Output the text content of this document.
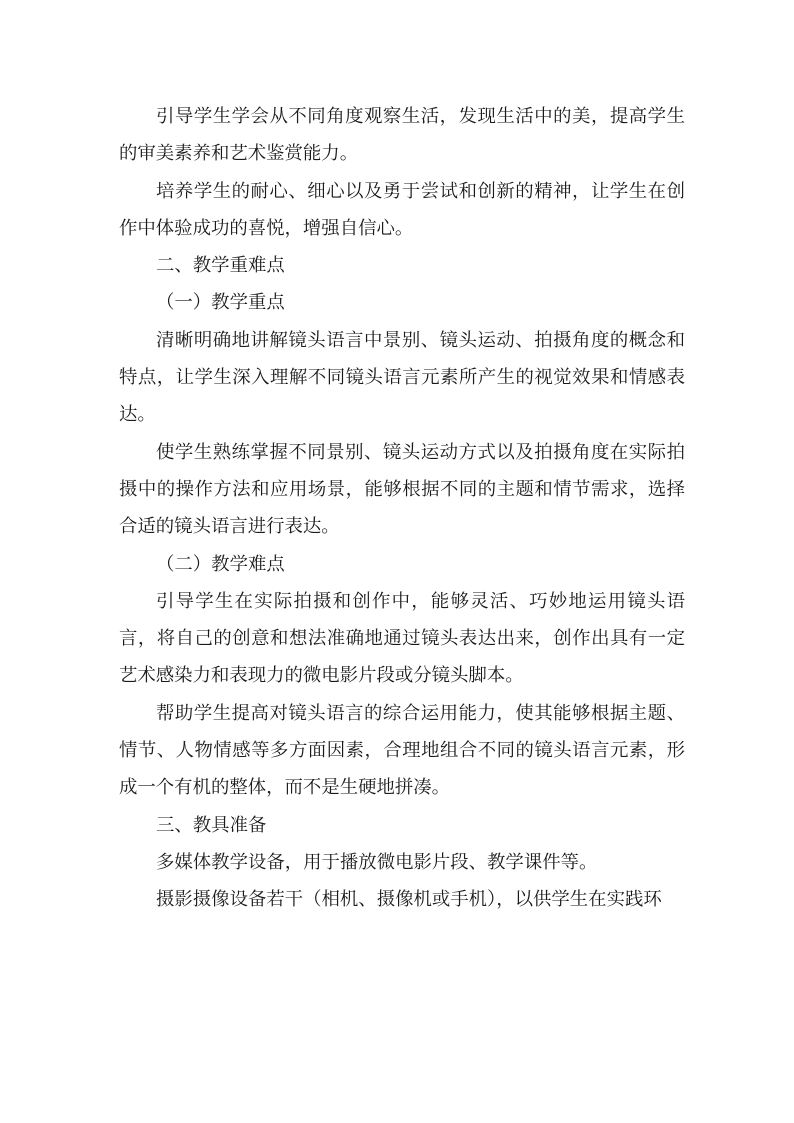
引导学生学会从不同角度观察生活，发现生活中的美，提高学生的审美素养和艺术鉴赏能力。

培养学生的耐心、细心以及勇于尝试和创新的精神，让学生在创作中体验成功的喜悦，增强自信心。

二、教学重难点

（一）教学重点

清晰明确地讲解镜头语言中景别、镜头运动、拍摄角度的概念和特点，让学生深入理解不同镜头语言元素所产生的视觉效果和情感表达。

使学生熟练掌握不同景别、镜头运动方式以及拍摄角度在实际拍摄中的操作方法和应用场景，能够根据不同的主题和情节需求，选择合适的镜头语言进行表达。

（二）教学难点

引导学生在实际拍摄和创作中，能够灵活、巧妙地运用镜头语言，将自己的创意和想法准确地通过镜头表达出来，创作出具有一定艺术感染力和表现力的微电影片段或分镜头脚本。

帮助学生提高对镜头语言的综合运用能力，使其能够根据主题、情节、人物情感等多方面因素，合理地组合不同的镜头语言元素，形成一个有机的整体，而不是生硬地拼凑。

三、教具准备

多媒体教学设备，用于播放微电影片段、教学课件等。

摄影摄像设备若干（相机、摄像机或手机），以供学生在实践环
